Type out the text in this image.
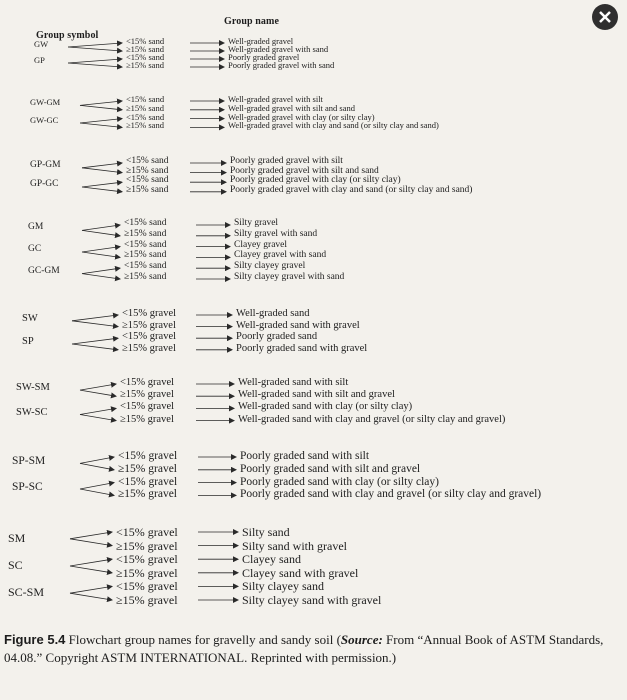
Group symbol
Group name
GW	<15% sand	Well-graded gravel
≥15% sand	Well-graded gravel with sand
GP	<15% sand	Poorly graded gravel
≥15% sand	Poorly graded gravel with sand
GW-GM	<15% sand	Well-graded gravel with silt
≥15% sand	Well-graded gravel with silt and sand
GW-GC	<15% sand	Well-graded gravel with clay (or silty clay)
≥15% sand	Well-graded gravel with clay and sand (or silty clay and sand)
GP-GM	<15% sand	Poorly graded gravel with silt
≥15% sand	Poorly graded gravel with silt and sand
GP-GC	<15% sand	Poorly graded gravel with clay (or silty clay)
≥15% sand	Poorly graded gravel with clay and sand (or silty clay and sand)
GM	<15% sand	Silty gravel
≥15% sand	Silty gravel with sand
GC	<15% sand	Clayey gravel
≥15% sand	Clayey gravel with sand
GC-GM	<15% sand	Silty clayey gravel
≥15% sand	Silty clayey gravel with sand
SW	<15% gravel	Well-graded sand
≥15% gravel	Well-graded sand with gravel
SP	<15% gravel	Poorly graded sand
≥15% gravel	Poorly graded sand with gravel
SW-SM	<15% gravel	Well-graded sand with silt
≥15% gravel	Well-graded sand with silt and gravel
SW-SC	<15% gravel	Well-graded sand with clay (or silty clay)
≥15% gravel	Well-graded sand with clay and gravel (or silty clay and gravel)
SP-SM	<15% gravel	Poorly graded sand with silt
≥15% gravel	Poorly graded sand with silt and gravel
SP-SC	<15% gravel	Poorly graded sand with clay (or silty clay)
≥15% gravel	Poorly graded sand with clay and gravel (or silty clay and gravel)
SM	<15% gravel	Silty sand
≥15% gravel	Silty sand with gravel
SC	<15% gravel	Clayey sand
≥15% gravel	Clayey sand with gravel
SC-SM	<15% gravel	Silty clayey sand
≥15% gravel	Silty clayey sand with gravel
Figure 5.4 Flowchart group names for gravelly and sandy soil (Source: From “Annual Book of ASTM Standards, 04.08.” Copyright ASTM INTERNATIONAL. Reprinted with permission.)
